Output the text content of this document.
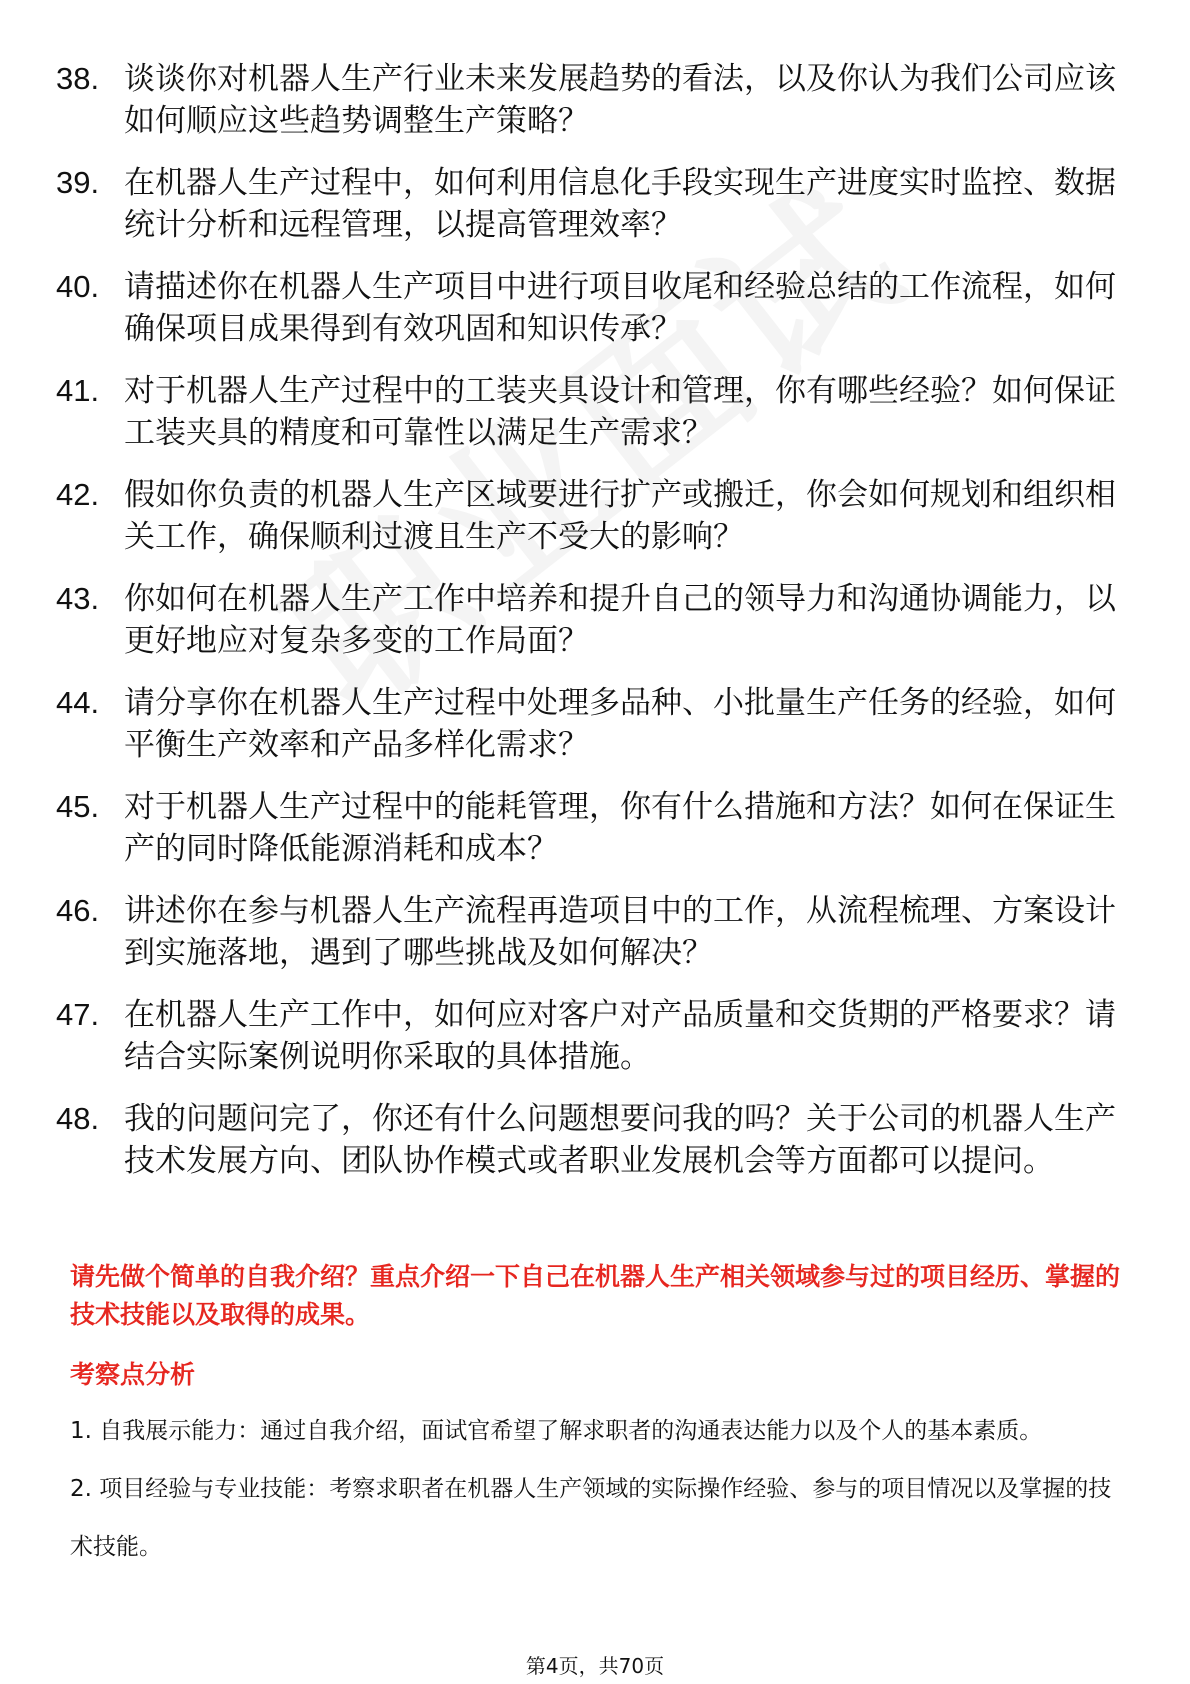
38. 谈谈你对机器人生产行业未来发展趋势的看法，以及你认为我们公司应该如何顺应这些趋势调整生产策略？
39. 在机器人生产过程中，如何利用信息化手段实现生产进度实时监控、数据统计分析和远程管理，以提高管理效率？
40. 请描述你在机器人生产项目中进行项目收尾和经验总结的工作流程，如何确保项目成果得到有效巩固和知识传承？
41. 对于机器人生产过程中的工装夹具设计和管理，你有哪些经验？如何保证工装夹具的精度和可靠性以满足生产需求？
42. 假如你负责的机器人生产区域要进行扩产或搬迁，你会如何规划和组织相关工作，确保顺利过渡且生产不受大的影响？
43. 你如何在机器人生产工作中培养和提升自己的领导力和沟通协调能力，以更好地应对复杂多变的工作局面？
44. 请分享你在机器人生产过程中处理多品种、小批量生产任务的经验，如何平衡生产效率和产品多样化需求？
45. 对于机器人生产过程中的能耗管理，你有什么措施和方法？如何在保证生产的同时降低能源消耗和成本？
46. 讲述你在参与机器人生产流程再造项目中的工作，从流程梳理、方案设计到实施落地，遇到了哪些挑战及如何解决？
47. 在机器人生产工作中，如何应对客户对产品质量和交货期的严格要求？请结合实际案例说明你采取的具体措施。
48. 我的问题问完了，你还有什么问题想要问我的吗？关于公司的机器人生产技术发展方向、团队协作模式或者职业发展机会等方面都可以提问。

请先做个简单的自我介绍？重点介绍一下自己在机器人生产相关领域参与过的项目经历、掌握的技术技能以及取得的成果。

考察点分析

1. 自我展示能力：通过自我介绍，面试官希望了解求职者的沟通表达能力以及个人的基本素质。

2. 项目经验与专业技能：考察求职者在机器人生产领域的实际操作经验、参与的项目情况以及掌握的技术技能。

第4页，共70页
